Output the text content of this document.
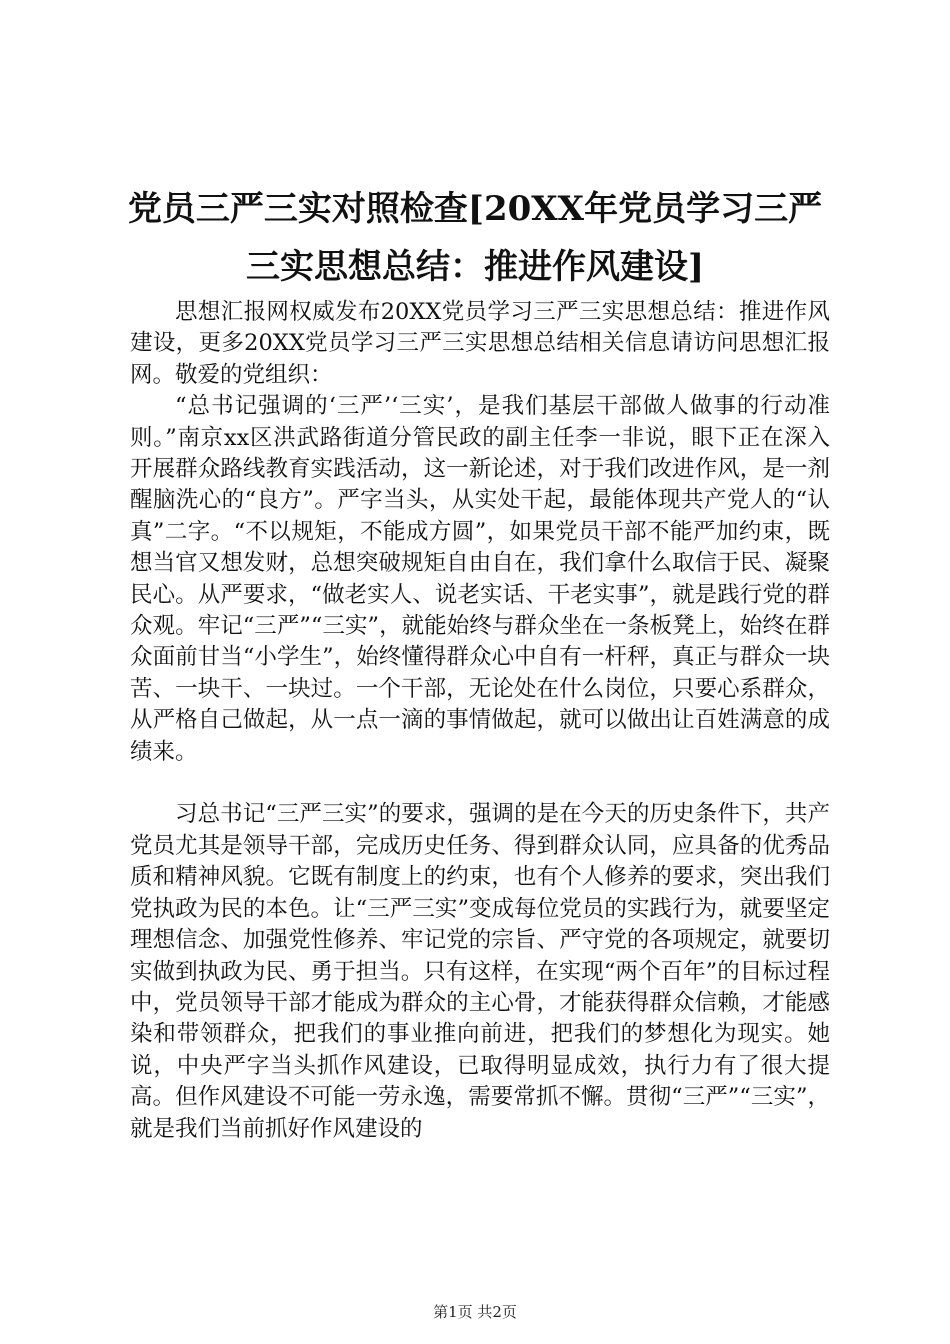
党员三严三实对照检查[20XX年党员学习三严三实思想总结：推进作风建设]

思想汇报网权威发布20XX党员学习三严三实思想总结：推进作风建设，更多20XX党员学习三严三实思想总结相关信息请访问思想汇报网。敬爱的党组织：

“总书记强调的‘三严’‘三实’，是我们基层干部做人做事的行动准则。”南京xx区洪武路街道分管民政的副主任李一非说，眼下正在深入开展群众路线教育实践活动，这一新论述，对于我们改进作风，是一剂醒脑洗心的“良方”。严字当头，从实处干起，最能体现共产党人的“认真”二字。“不以规矩，不能成方圆”，如果党员干部不能严加约束，既想当官又想发财，总想突破规矩自由自在，我们拿什么取信于民、凝聚民心。从严要求，“做老实人、说老实话、干老实事”，就是践行党的群众观。牢记“三严”“三实”，就能始终与群众坐在一条板凳上，始终在群众面前甘当“小学生”，始终懂得群众心中自有一杆秤，真正与群众一块苦、一块干、一块过。一个干部，无论处在什么岗位，只要心系群众，从严格自己做起，从一点一滴的事情做起，就可以做出让百姓满意的成绩来。

习总书记“三严三实”的要求，强调的是在今天的历史条件下，共产党员尤其是领导干部，完成历史任务、得到群众认同，应具备的优秀品质和精神风貌。它既有制度上的约束，也有个人修养的要求，突出我们党执政为民的本色。让“三严三实”变成每位党员的实践行为，就要坚定理想信念、加强党性修养、牢记党的宗旨、严守党的各项规定，就要切实做到执政为民、勇于担当。只有这样，在实现“两个百年”的目标过程中，党员领导干部才能成为群众的主心骨，才能获得群众信赖，才能感染和带领群众，把我们的事业推向前进，把我们的梦想化为现实。她说，中央严字当头抓作风建设，已取得明显成效，执行力有了很大提高。但作风建设不可能一劳永逸，需要常抓不懈。贯彻“三严”“三实”，就是我们当前抓好作风建设的

第1页 共2页
